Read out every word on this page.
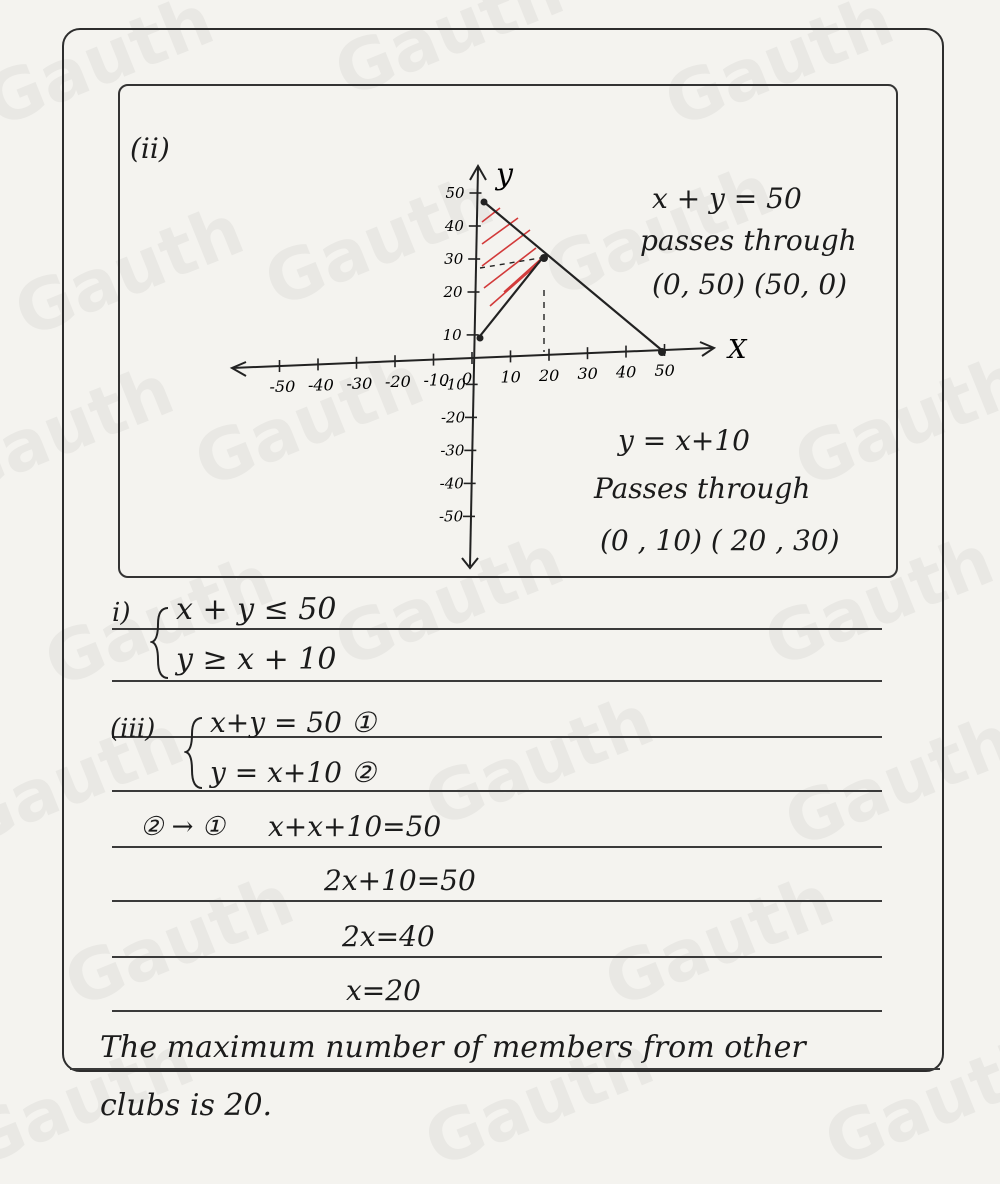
(ii)
-50 -40 -30 -20 -10 0 10 20 30 40 50
10
20
30
40
50
-10
-20
-30
-40
-50
y
X
x + y = 50
passes through
(0, 50) (50, 0)
y = x+10
Passes through
(0 , 10) ( 20 , 30)
i) x + y ≤ 50
y ≥ x + 10
(iii) x+y = 50 ①
y = x+10 ②
② → ① x+x+10=50
2x+10=50
2x=40
x=20
The maximum number of members from other
clubs is 20.
